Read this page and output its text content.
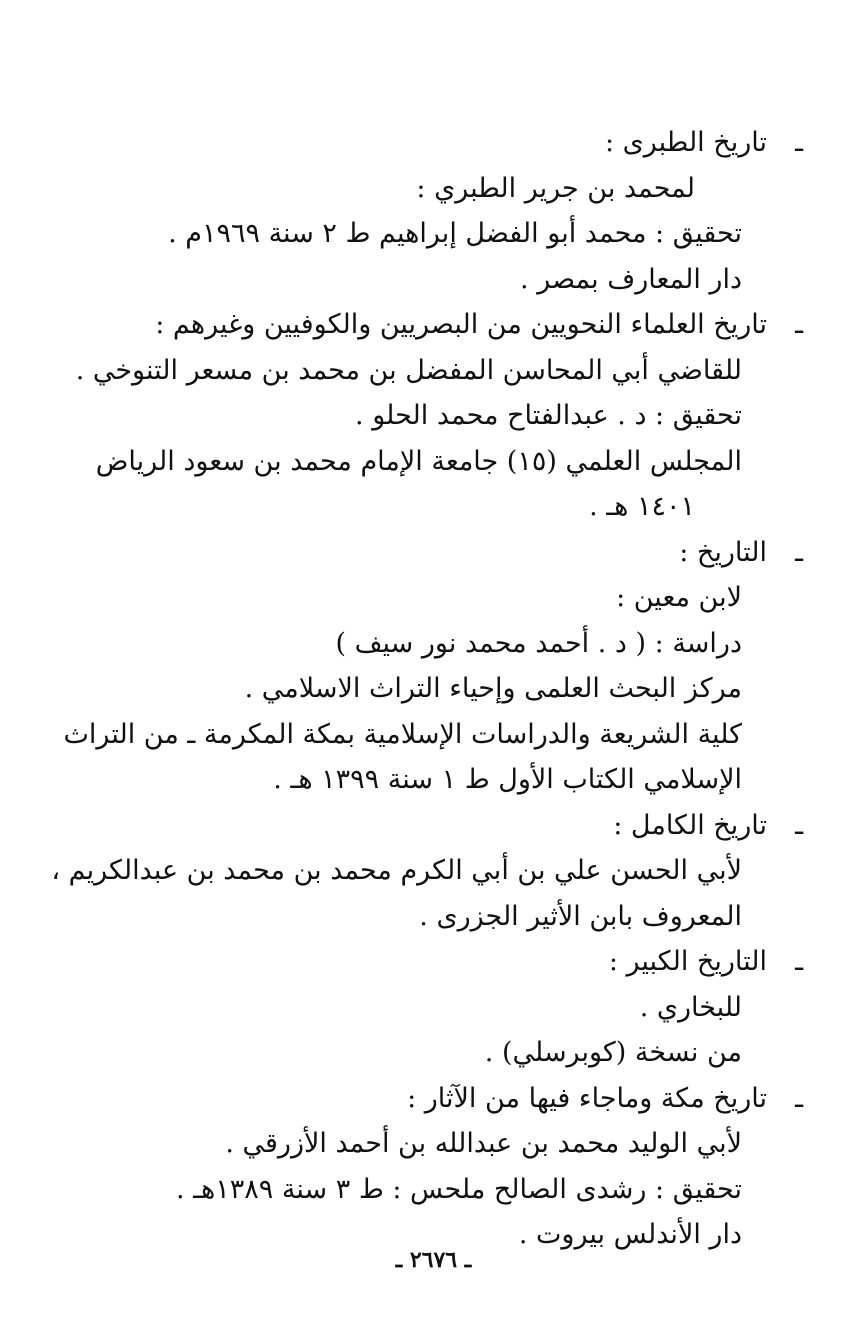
ـ
تاريخ الطبرى :
لمحمد بن جرير الطبري :
تحقيق : محمد أبو الفضل إبراهيم ط ٢ سنة ١٩٦٩م .
دار المعارف بمصر .
ـ
تاريخ العلماء النحويين من البصريين والكوفيين وغيرهم :
للقاضي أبي المحاسن المفضل بن محمد بن مسعر التنوخي .
تحقيق : د . عبدالفتاح محمد الحلو .
المجلس العلمي (١٥) جامعة الإمام محمد بن سعود الرياض
١٤٠١ هـ .
ـ
التاريخ :
لابن معين :
دراسة : ( د . أحمد محمد نور سيف )
مركز البحث العلمى وإحياء التراث الاسلامي .
كلية الشريعة والدراسات الإسلامية بمكة المكرمة ـ من التراث
الإسلامي الكتاب الأول ط ١ سنة ١٣٩٩ هـ .
ـ
تاريخ الكامل :
لأبي الحسن علي بن أبي الكرم محمد بن محمد بن عبدالكريم ،
المعروف بابن الأثير الجزرى .
ـ
التاريخ الكبير :
للبخاري .
من نسخة (كوبرسلي) .
ـ
تاريخ مكة وماجاء فيها من الآثار :
لأبي الوليد محمد بن عبدالله بن أحمد الأزرقي .
تحقيق : رشدى الصالح ملحس : ط ٣ سنة ١٣٨٩هـ .
دار الأندلس بيروت .
ـ ٢٦٧٦ ـ
